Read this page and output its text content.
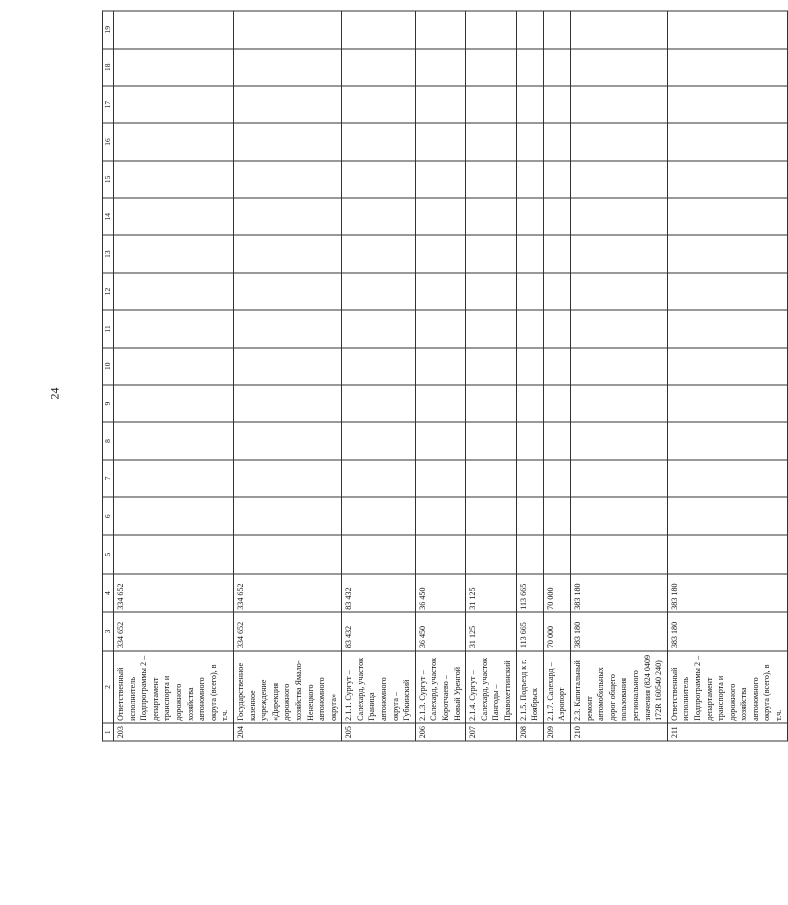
24
1	2	3	4	5	6	7	8	9	10	11	12	13	14	15	16	17	18	19
203	Ответственный исполнитель Подпрограммы 2 – департамент транспорта и дорожного хозяйства автономного округа (всего), в т.ч.	334 652	334 652															
204	Государственное казенное учреждение «Дирекция дорожного хозяйства Ямало-Ненецкого автономного округа»	334 652	334 652															
205	2.1.1. Сургут – Салехард, участок Граница автономного округа – Губкинский	83 432	83 432															
206	2.1.3. Сургут – Салехард, участок Коротчаево – Новый Уренгой	36 450	36 450															
207	2.1.4. Сургут – Салехард, участок Пангоды – Правохеттинский	31 125	31 125															
208	2.1.5. Подъезд к г. Ноябрьск	113 665	113 665															
209	2.1.7. Салехард – Аэропорт	70 000	70 000															
210	2.3. Капитальный ремонт автомобильных дорог общего пользования регионального значения (824 0409 172R 160540 240)	383 180	383 180															
211	Ответственный исполнитель Подпрограммы 2 – департамент транспорта и дорожного хозяйства автономного округа (всего), в т.ч.	383 180	383 180															
